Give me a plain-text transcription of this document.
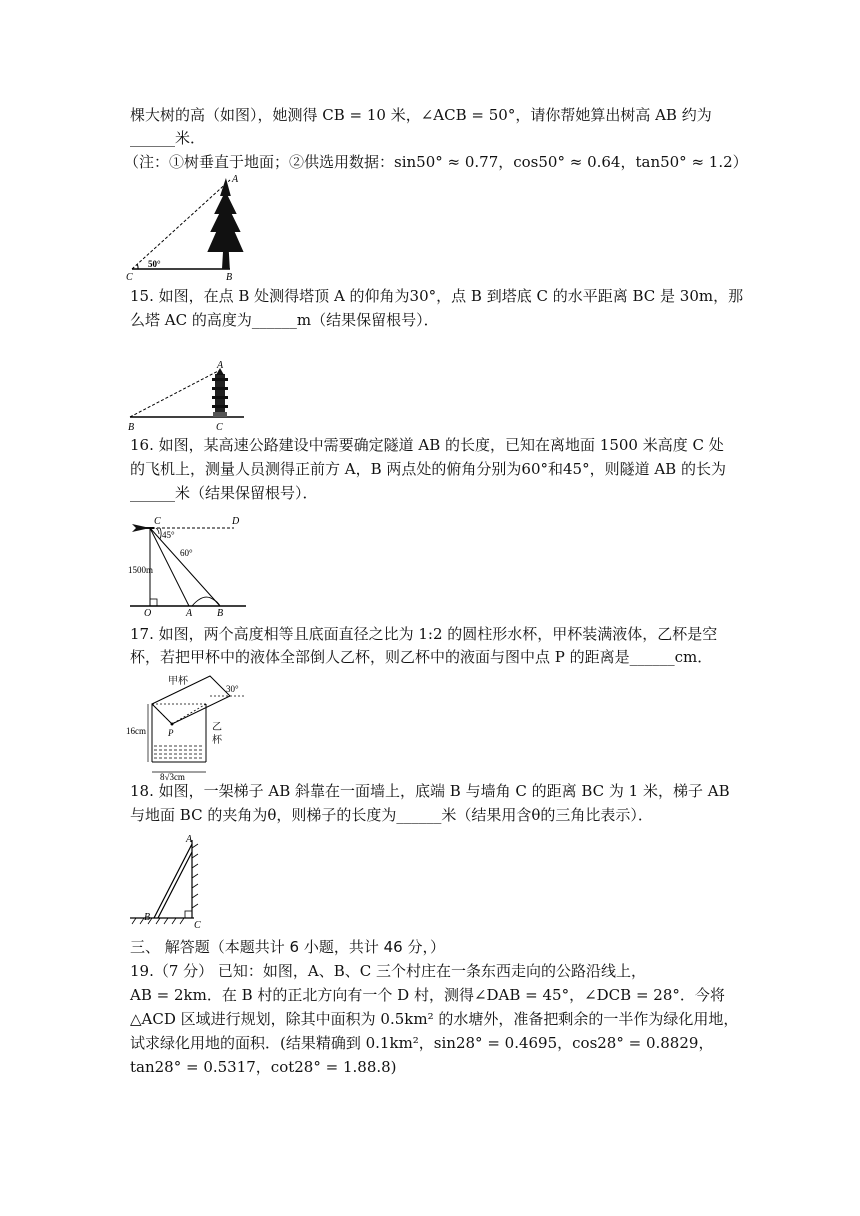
棵大树的高（如图），她测得 CB = 10 米，∠ACB = 50°，请你帮她算出树高 AB 约为
______米．
（注：①树垂直于地面；②供选用数据：sin50° ≈ 0.77，cos50° ≈ 0.64，tan50° ≈ 1.2）
50°
A
B
C
15. 如图，在点 B 处测得塔顶 A 的仰角为30°，点 B 到塔底 C 的水平距离 BC 是 30m，那
么塔 AC 的高度为______m（结果保留根号）．
A
B	C
16. 如图，某高速公路建设中需要确定隧道 AB 的长度，已知在离地面 1500 米高度 C 处
的飞机上，测量人员测得正前方 A，B 两点处的俯角分别为60°和45°，则隧道 AB 的长为
______米（结果保留根号）．
C	D
45°
60°
1500m
O	A B
17. 如图，两个高度相等且底面直径之比为 1:2 的圆柱形水杯，甲杯装满液体，乙杯是空
杯，若把甲杯中的液体全部倒人乙杯，则乙杯中的液面与图中点 P 的距离是______cm．
甲杯
30°
P	乙
杯
16cm
8√3cm
18. 如图，一架梯子 AB 斜靠在一面墙上，底端 B 与墙角 C 的距离 BC 为 1 米，梯子 AB
与地面 BC 的夹角为θ，则梯子的长度为______米（结果用含θ的三角比表示）．
A
B
C
三、 解答题（本题共计 6 小题，共计 46 分，）
19.（7 分） 已知：如图，A、B、C 三个村庄在一条东西走向的公路沿线上，
AB = 2km．在 B 村的正北方向有一个 D 村，测得∠DAB = 45°，∠DCB = 28°．今将
△ACD 区域进行规划，除其中面积为 0.5km² 的水塘外，准备把剩余的一半作为绿化用地，
试求绿化用地的面积．(结果精确到 0.1km²，sin28° = 0.4695，cos28° = 0.8829，
tan28° = 0.5317，cot28° = 1.88.8)
